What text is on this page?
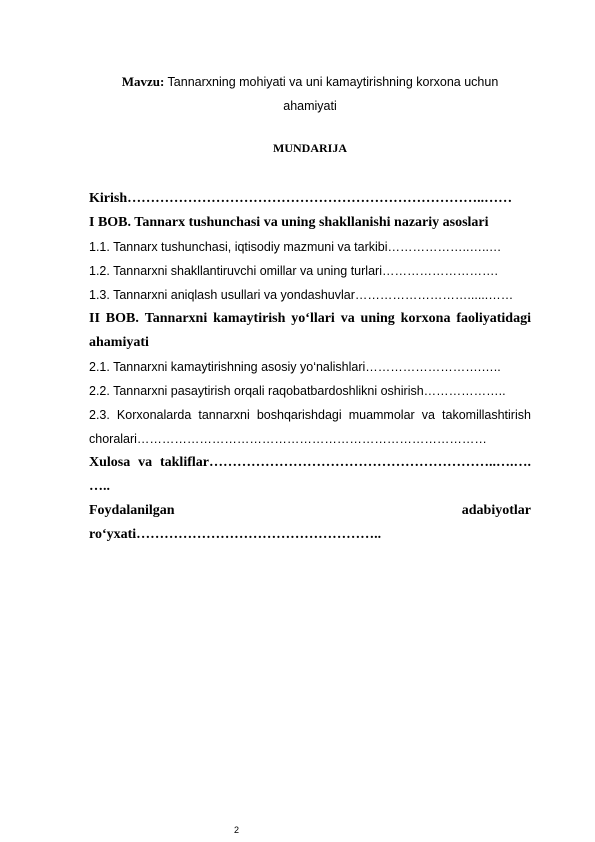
Mavzu: Tannarxning mohiyati va uni kamaytirishning korxona uchun
ahamiyati
MUNDARIJA
Kirish…………………………………………………………………..……
I BOB. Tannarx tushunchasi va uning shakllanishi nazariy asoslari
1.1. Tannarx tushunchasi, iqtisodiy mazmuni va tarkibi………………..…..…
1.2. Tannarxni shakllantiruvchi omillar va uning turlari……………………….
1.3. Tannarxni aniqlash usullari va yondashuvlar………………………......……
II BOB. Tannarxni kamaytirish yo‘llari va uning korxona faoliyatidagi
ahamiyati
2.1. Tannarxni kamaytirishning asosiy yo‘nalishlari……………………….…..
2.2. Tannarxni pasaytirish orqali raqobatbardoshlikni oshirish………………..
2.3. Korxonalarda tannarxni boshqarishdagi muammolar va takomillashtirish
choralari…………………………………………………………………………
Xulosa va takliflar……………………………………………………..….….
…..
Foydalanilgan	adabiyotlar
ro‘yxati……………………………………………..
2
